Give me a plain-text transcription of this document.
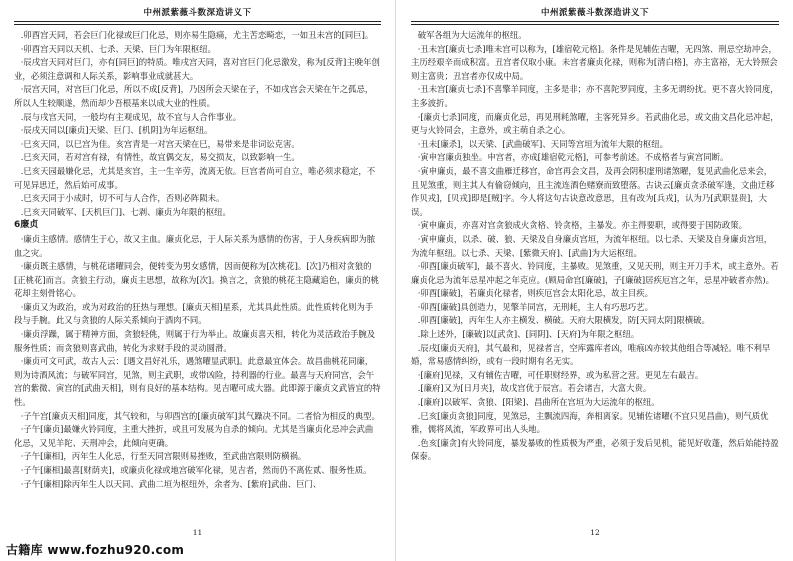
中州派紫薇斗数深造讲义下

.卯酉宫天同，若会巨门化禄或巨门化忌，则亦易生隐痛，尤主苦恋畸恋，一如丑未宫的[同巨]。

·卯酉宫天同以天机、七杀、天梁、巨门为年限枢纽。

·辰戌宫天同对巨门，亦有[同巨]的特质。唯戌宫天同，喜对宫巨门化忌激发，称为[反背]主晚年创业，必须注意调和人际关系，影响事业成就甚大。

·辰宫天同，对宫巨门化忌，所以不成[反背]，乃因所会天梁在子，不如戌宫会天梁在午之孤忌，所以人生较顺遂，然而却少吾根基来以成大业的性质。

.辰与戌宫天同，一般均有主观成见，故不宜与人合作事业。

·辰戌天同以[廉贞]天梁、巨门、[机阴]为年运枢纽。

·巳亥天同，以巳宫为佳。亥宫青是一对宫天梁在巳，易带来是非词讼克害。

.巳亥天同，若对宫有禄，有情性，故宜偶交友，易交损友，以致影响一生。

.巳亥天园最嫌化忌，尤其是亥宫，主一生辛劳，流离无依。巨宫者尚可自立，唯必须求稳定，不可见异思迁，然后始可成事。

.巳亥天同于小成时，切不可与人合作，否则必阵陨未。

.巳亥天同破军、[天机巨门]、七剥、廉贞为年限的枢纽。

6廉贞

·廉贞主感情。感情生于心，故又主血。廉贞化忌，于人际关系为感情的伤害，于人身疾病即为脓血之灾。

·廉贞既主感情，与桃花诸曜同会，便转变为男女感情，因而便称为[次桃花]。[次]乃相对贪狼的[正桃花]而言。贪狼主行动，廉贞主思想，故称为[次]。换言之，贪狼的桃花主隐藏追色，廉贞的桃花却主刻骨铭心。

·廉贞又为政治，或为对政治的狂热与理想。[廉贞天相]星系，尤其具此性质。此性质转化则为手段与手腕。此又与贪狼的人际关系倾向于酒肉不同。

·廉贞浮躁，属于精神方面，贪狼轻佻，则属于行为举止。故廉贞喜天相，转化为灵活政治手腕及服务性质；而贪狼则喜武曲，转化为求财手段的灵动圆滑。

·廉贞可文可武，故古人云：[遇文昌好礼乐，遇煞曜显武职]。此意最宜体会。故昌曲桃花同廉，则为诗酒风流；与破军同宫，见煞，则主武职，或带凶险，持利器的行业。最喜与天府同宫，会午宫的紫微、寅宫的[武曲天相]，则有良好的基本结构。见吉曜可成大器。此即源于廉贞文武皆宜的特性。

·子午宫[廉贞天相]同度，其气较和，与卯酉宫的[廉贞破军]其气躁决不同。二者恰为相反的典型。

·子午[廉贞]最嫌火铃同度，主重大挫折，或且可发展为自杀的倾向。尤其是当廉贞化忌冲会武曲化忌，又见羊陀、天刑冲会，此倾向更确。

·子午[廉相]，丙年生人化忌，行至天同宫限则易挫败，至武曲宫限则防横祸。

·子午[廉相]最喜[财荫夹]，或廉贞化禄或地宫破军化禄，见吉者，然而仍不离佐贰、服务性质。

·子午[廉相]除丙年生人以天同、武曲二垣为枢纽外，余者为、[紫府]武曲、巨门、

11
中州派紫薇斗数深造讲义下

破军各组为大运流年的枢纽。

·丑未宫[廉贞七杀]唯未宫可以称为，[雄宿乾元格]。条件是见辅佐吉曜，无四煞、刑忌空劫冲会，主历经艰辛而成积富。丑宫者仅取小康。未宫者廉贞化禄，则称为[清白格]，亦主富裕，无大铃照会则主富贵；丑宫者亦仅成中局。

·丑未宫[廉贞七杀]不喜擎羊同度，主多是非；亦不喜陀罗同度，主多无谓纷扰。更不喜火铃同度，主多波折。

·[廉贞七杀]同度，而廉贞化忌，再见刑耗煞曜，主客死异乡。若武曲化忌，或文曲文昌化忌冲起，更与火铃同会，主意外，或主萌自杀之心。

·丑未[廉杀]，以天梁、[武曲破军]、天同等宫垣为流年大限的枢纽。

·寅申宫廉贞独坐。申宫者，亦成[雄宿乾元格]，可参考前述。不成格者与寅宫同断。

·寅申廉贞，最不喜文曲雁迁移宫，命宫再会文昌，及再会阴积虚刑诸煞曜，复见武曲化忌来会，且见煞重，则主其人有偷窃倾向，且主流连酒色赌寮而致堕落。古诀云[廉贞贪杀破军逢，文曲迁移作贝戎]，[贝戎]即是[贼]字。今人将这句古诀意改意思，且有改为[兵戎]，认为乃[武职显贵]，大误。

·寅申廉贞，亦喜对宫贪狼成火贪格、铃贪格，主暴发。亦主得要职，或得要于国防政策。

·寅申廉贞，以杀、破、狼、天梁及自身廉贞宫垣，为流年枢纽。以七杀、天梁及自身廉贞宫垣，为流年枢纽。以七杀、天梁、[紫微天府]、[武曲]为大运枢纽。

·卯酉[廉贞破军]，最不喜火、铃同度，主暴败。见煞重，又见天刑，则主开刀手术，或主意外。若廉贞化忌为流年忌星冲起之年克应。(顾局命宫[廉破]，子[廉破]居疾厄宫之年，忌星冲破者亦然)。

·卯酉[廉破]，若廉贞化禄者，则疾厄宫会太阳化忌，故主目疾。

·卯酉[廉破]具创造力，见擎羊同宫，无刑耗，主人有巧思巧艺。

.卯酉[廉破]，丙年生人亦主横发、横破。天府大限横发，防[天同太阴]限横破。

.除上述外，[廉破]以[武贪]、[同阴]、[天府]为年限之枢纽。

.辰戌[廉贞天府]，其气最和，见禄者言，空库露库者凶，唯痕凶亦较其他组合等减轻。唯不利早婚，常易感情纠纷，或有一段时期有名无实。

·[廉府]见禄，又有辅佐吉曜，可任职财经界，或为私营之营。更见左右最吉。

.[廉府]又为[日月夹]，故戊宫优于辰宫。若会诸吉，大富大贵。

.[廉府]以破军、贪狼、[阳梁]、昌曲所在宫垣为大运流年的枢纽。

.巳亥[廉贞贪狼]同度，见煞忌，主飘流四海，奔相离家。见辅佐诸曜(不宜只见昌曲)，则气质优雅，儒将风流，军政界可出人头地。

.色亥[廉贪]有火铃同度，暴发暴败的性质极为严重，必须于发后见机，能见好收蓬，然后始能持盈保泰。

12
古籍库 www.fozhu920.com
